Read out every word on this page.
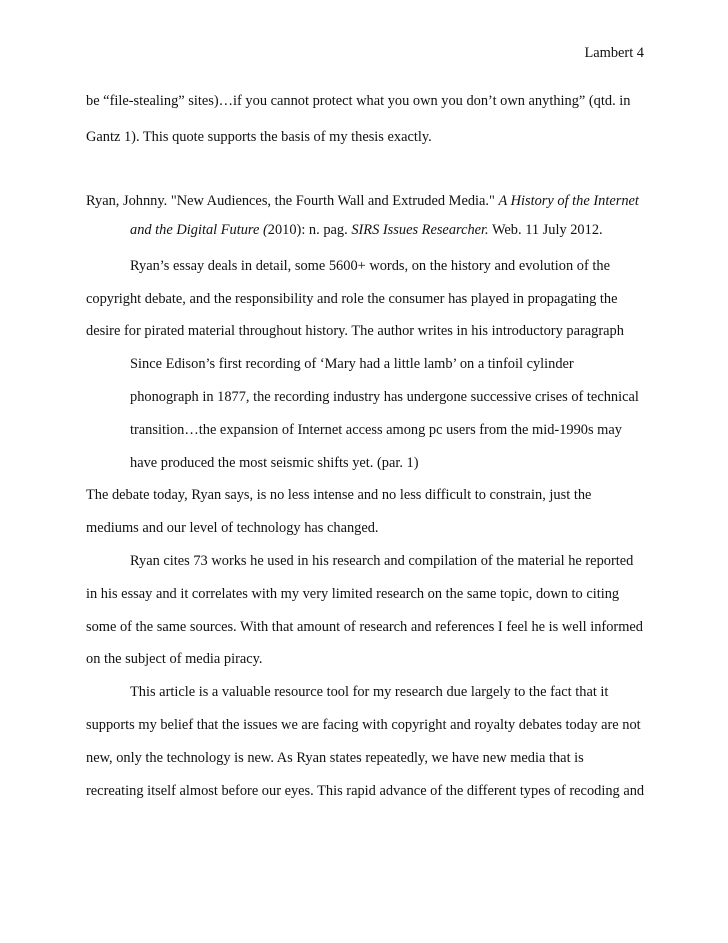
Lambert 4
be “file-stealing” sites)…if you cannot protect what you own you don’t own anything” (qtd. in
Gantz 1). This quote supports the basis of my thesis exactly.
Ryan, Johnny. "New Audiences, the Fourth Wall and Extruded Media." A History of the Internet
and the Digital Future (2010): n. pag. SIRS Issues Researcher. Web. 11 July 2012.
Ryan’s essay deals in detail, some 5600+ words, on the history and evolution of the
copyright debate, and the responsibility and role the consumer has played in propagating the
desire for pirated material throughout history. The author writes in his introductory paragraph
Since Edison’s first recording of ‘Mary had a little lamb’ on a tinfoil cylinder
phonograph in 1877, the recording industry has undergone successive crises of technical
transition…the expansion of Internet access among pc users from the mid-1990s may
have produced the most seismic shifts yet. (par. 1)
The debate today, Ryan says, is no less intense and no less difficult to constrain, just the
mediums and our level of technology has changed.
Ryan cites 73 works he used in his research and compilation of the material he reported
in his essay and it correlates with my very limited research on the same topic, down to citing
some of the same sources. With that amount of research and references I feel he is well informed
on the subject of media piracy.
This article is a valuable resource tool for my research due largely to the fact that it
supports my belief that the issues we are facing with copyright and royalty debates today are not
new, only the technology is new. As Ryan states repeatedly, we have new media that is
recreating itself almost before our eyes. This rapid advance of the different types of recoding and
